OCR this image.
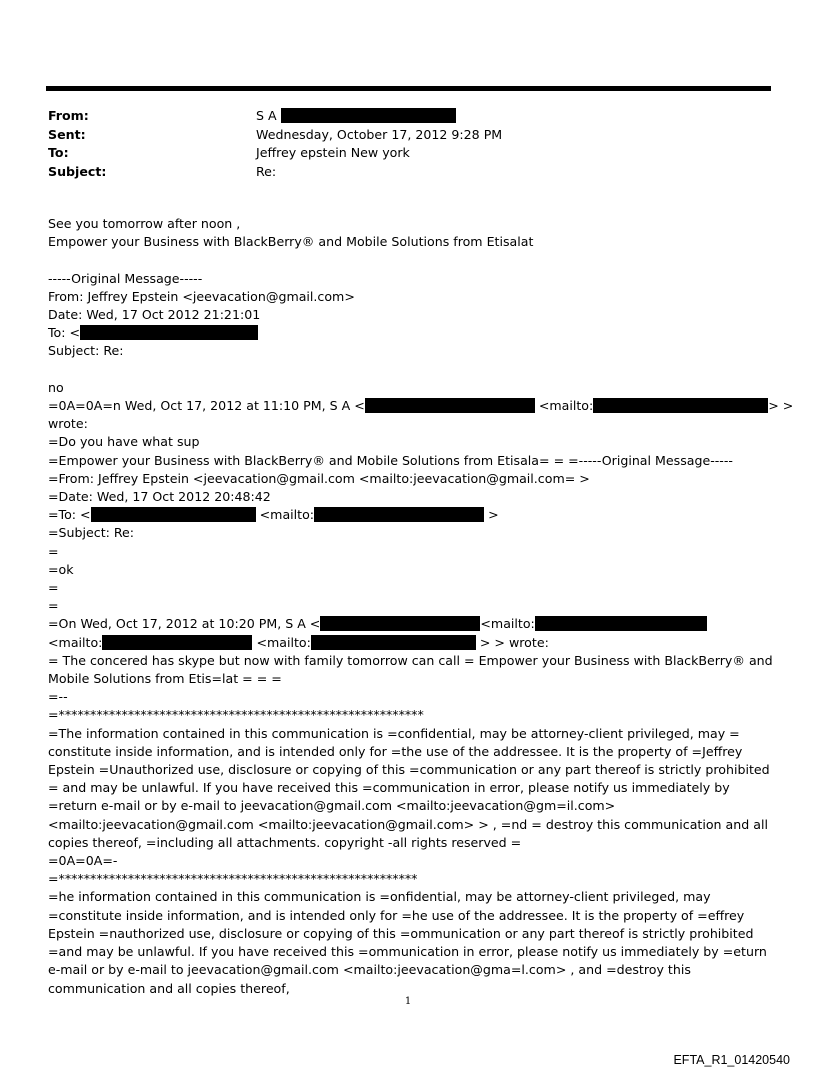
From:	S A
Sent:	Wednesday, October 17, 2012 9:28 PM
To:	Jeffrey epstein New york
Subject:	Re:
See you tomorrow after noon ,
Empower your Business with BlackBerry® and Mobile Solutions from Etisalat
-----Original Message-----
From: Jeffrey Epstein <jeevacation@gmail.com>
Date: Wed, 17 Oct 2012 21:21:01
To: <
Subject: Re:
no
=0A=0A=n Wed, Oct 17, 2012 at 11:10 PM, S A <	<mailto:	> >
wrote:
=Do you have what sup
=Empower your Business with BlackBerry® and Mobile Solutions from Etisala= = =-----Original Message-----
=From: Jeffrey Epstein <jeevacation@gmail.com <mailto:jeevacation@gmail.com= >
=Date: Wed, 17 Oct 2012 20:48:42
=To: <	<mailto:	>
=Subject: Re:
=
=ok
=
=
=On Wed, Oct 17, 2012 at 10:20 PM, S A <	<mailto:
<mailto:	<mailto:	> > wrote:
= The concered has skype but now with family tomorrow can call = Empower your Business with BlackBerry® and Mobile Solutions from Etis=lat = = =
=--
=**********************************************************
=The information contained in this communication is =confidential, may be attorney-client privileged, may = constitute inside information, and is intended only for =the use of the addressee. It is the property of =Jeffrey Epstein =Unauthorized use, disclosure or copying of this =communication or any part thereof is strictly prohibited = and may be unlawful. If you have received this =communication in error, please notify us immediately by =return e-mail or by e-mail to jeevacation@gmail.com <mailto:jeevacation@gm=il.com> <mailto:jeevacation@gmail.com <mailto:jeevacation@gmail.com> > , =nd = destroy this communication and all copies thereof, =including all attachments. copyright -all rights reserved =
=0A=0A=-
=*********************************************************
=he information contained in this communication is =onfidential, may be attorney-client privileged, may =constitute inside information, and is intended only for =he use of the addressee. It is the property of =effrey Epstein =nauthorized use, disclosure or copying of this =ommunication or any part thereof is strictly prohibited =and may be unlawful. If you have received this =ommunication in error, please notify us immediately by =eturn e-mail or by e-mail to jeevacation@gmail.com <mailto:jeevacation@gma=l.com> , and =destroy this communication and all copies thereof,
1
EFTA_R1_01420540
